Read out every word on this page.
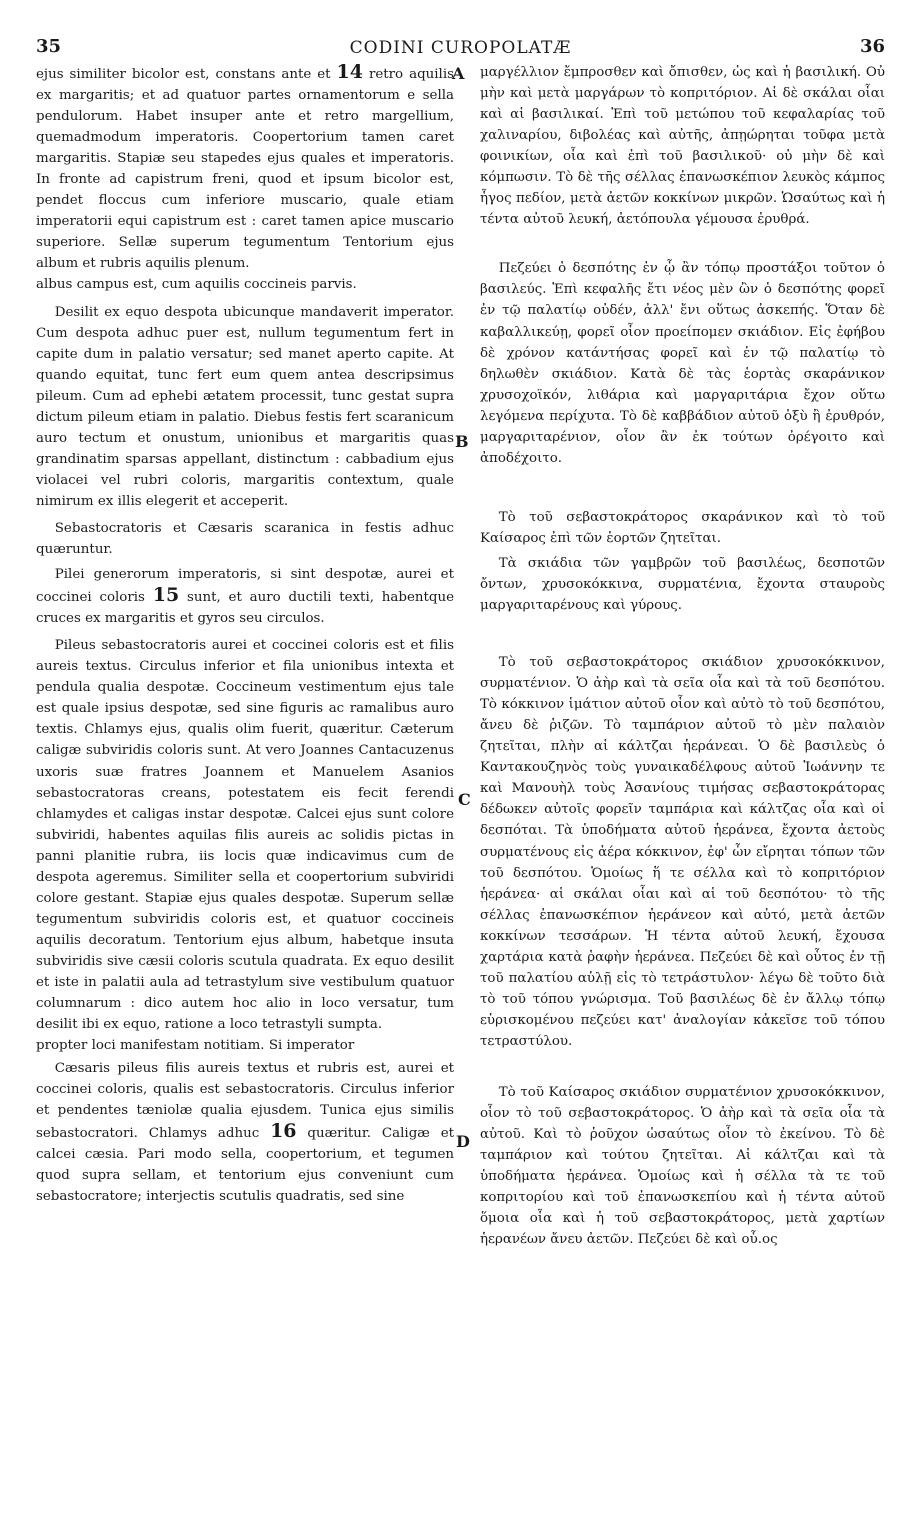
35	CODINI CUROPOLATÆ	36

ejus similiter bicolor est, constans ante et 14 retro aquilis ex margaritis; et ad quatuor partes ornamentorum e sella pendulorum. Habet insuper ante et retro margellium, quemadmodum imperatoris. Coopertorium tamen caret margaritis. Stapiæ seu stapedes ejus quales et imperatoris. In fronte ad capistrum freni, quod et ipsum bicolor est, pendet floccus cum inferiore muscario, quale etiam imperatorii equi capistrum est : caret tamen apice muscario superiore. Sellæ superum tegumentum Tentorium ejus album et rubris aquilis plenum.

albus campus est, cum aquilis coccineis parvis.

Desilit ex equo despota ubicunque mandaverit imperator. Cum despota adhuc puer est, nullum tegumentum fert in capite dum in palatio versatur; sed manet aperto capite. At quando equitat, tunc fert eum quem antea descripsimus pileum. Cum ad ephebi ætatem processit, tunc gestat supra dictum pileum etiam in palatio. Diebus festis fert scaranicum auro tectum et onustum, unionibus et margaritis quas grandinatim sparsas appellant, distinctum : cabbadium ejus violacei vel rubri coloris, margaritis contextum, quale nimirum ex illis elegerit et acceperit.

Sebastocratoris et Cæsaris scaranica in festis adhuc quæruntur.

Pilei generorum imperatoris, si sint despotæ, aurei et coccinei coloris 15 sunt, et auro ductili texti, habentque cruces ex margaritis et gyros seu circulos.

Pileus sebastocratoris aurei et coccinei coloris est et filis aureis textus. Circulus inferior et fila unionibus intexta et pendula qualia despotæ. Coccineum vestimentum ejus tale est quale ipsius despotæ, sed sine figuris ac ramalibus auro textis. Chlamys ejus, qualis olim fuerit, quæritur. Cæterum caligæ subviridis coloris sunt. At vero Joannes Cantacuzenus uxoris suæ fratres Joannem et Manuelem Asanios sebastocratoras creans, potestatem eis fecit ferendi chlamydes et caligas instar despotæ. Calcei ejus sunt colore subviridi, habentes aquilas filis aureis ac solidis pictas in panni planitie rubra, iis locis quæ indicavimus cum de despota ageremus. Similiter sella et coopertorium subviridi colore gestant. Stapiæ ejus quales despotæ. Superum sellæ tegumentum subviridis coloris est, et quatuor coccineis aquilis decoratum. Tentorium ejus album, habetque insuta subviridis sive cæsii coloris scutula quadrata. Ex equo desilit et iste in palatii aula ad tetrastylum sive vestibulum quatuor columnarum : dico autem hoc alio in loco versatur, tum desilit ibi ex equo, ratione a loco tetrastyli sumpta.

propter loci manifestam notitiam. Si imperator

Cæsaris pileus filis aureis textus et rubris est, aurei et coccinei coloris, qualis est sebastocratoris. Circulus inferior et pendentes tæniolæ qualia ejusdem. Tunica ejus similis sebastocratori. Chlamys adhuc 16 quæritur. Caligæ et calcei cæsia. Pari modo sella, coopertorium, et tegumen quod supra sellam, et tentorium ejus conveniunt cum sebastocratore; interjectis scutulis quadratis, sed sine

μαργέλλιον ἔμπροσθεν καὶ ὄπισθεν, ὡς καὶ ἡ βασιλική. Οὐ μὴν καὶ μετὰ μαργάρων τὸ κοπριτόριον. Αἱ δὲ σκάλαι οἷαι καὶ αἱ βασιλικαί. Ἐπὶ τοῦ μετώπου τοῦ κεφαλαρίας τοῦ χαλιναρίου, διβολέας καὶ αὐτῆς, ἀπῃώρηται τοῦφα μετὰ φοινικίων, οἷα καὶ ἐπὶ τοῦ βασιλικοῦ· οὐ μὴν δὲ καὶ κόμπωσιν. Τὸ δὲ τῆς σέλλας ἐπανωσκέπιον λευκὸς κάμπος ἧγος πεδίον, μετὰ ἀετῶν κοκκίνων μικρῶν. Ὡσαύτως καὶ ἡ τέντα αὐτοῦ λευκή, ἀετόπουλα γέμουσα ἐρυθρά.

Πεζεύει ὁ δεσπότης ἐν ᾧ ἂν τόπῳ προστάξοι τοῦτον ὁ βασιλεύς. Ἐπὶ κεφαλῆς ἔτι νέος μὲν ὢν ὁ δεσπότης φορεῖ ἐν τῷ παλατίῳ οὐδέν, ἀλλ' ἔνι οὕτως ἀσκεπής. Ὅταν δὲ καβαλλικεύῃ, φορεῖ οἷον προείπομεν σκιάδιον. Εἰς ἐφήβου δὲ χρόνον κατάντήσας φορεῖ καὶ ἐν τῷ παλατίῳ τὸ δηλωθὲν σκιάδιον. Κατὰ δὲ τὰς ἑορτὰς σκαράνικον χρυσοχοϊκόν, λιθάρια καὶ μαργαριτάρια ἔχον οὕτω λεγόμενα περίχυτα. Τὸ δὲ καββάδιον αὐτοῦ ὀξὺ ἢ ἐρυθρόν, μαργαριταρένιον, οἷον ἂν ἐκ τούτων ὀρέγοιτο καὶ ἀποδέχοιτο.

Τὸ τοῦ σεβαστοκράτορος σκαράνικον καὶ τὸ τοῦ Καίσαρος ἐπὶ τῶν ἑορτῶν ζητεῖται.

Τὰ σκιάδια τῶν γαμβρῶν τοῦ βασιλέως, δεσποτῶν ὄντων, χρυσοκόκκινα, συρματένια, ἔχοντα σταυροὺς μαργαριταρένους καὶ γύρους.

Τὸ τοῦ σεβαστοκράτορος σκιάδιον χρυσοκόκκινον, συρματένιον. Ὁ ἀὴρ καὶ τὰ σεῖα οἷα καὶ τὰ τοῦ δεσπότου. Τὸ κόκκινον ἱμάτιον αὐτοῦ οἷον καὶ αὐτὸ τὸ τοῦ δεσπότου, ἄνευ δὲ ῥιζῶν. Τὸ ταμπάριον αὐτοῦ τὸ μὲν παλαιὸν ζητεῖται, πλὴν αἱ κάλτζαι ἡεράνεαι. Ὁ δὲ βασιλεὺς ὁ Καντακουζηνὸς τοὺς γυναικαδέλφους αὐτοῦ Ἰωάννην τε καὶ Μανουὴλ τοὺς Ἀσανίους τιμήσας σεβαστοκράτορας δέδωκεν αὐτοῖς φορεῖν ταμπάρια καὶ κάλτζας οἷα καὶ οἱ δεσπόται. Τὰ ὑποδήματα αὐτοῦ ἡεράνεα, ἔχοντα ἀετοὺς συρματένους εἰς ἀέρα κόκκινον, ἐφ' ὧν εἴρηται τόπων τῶν τοῦ δεσπότου. Ὁμοίως ἥ τε σέλλα καὶ τὸ κοπριτόριον ἡεράνεα· αἱ σκάλαι οἷαι καὶ αἱ τοῦ δεσπότου· τὸ τῆς σέλλας ἐπανωσκέπιον ἡεράνεον καὶ αὐτό, μετὰ ἀετῶν κοκκίνων τεσσάρων. Ἡ τέντα αὐτοῦ λευκή, ἔχουσα χαρτάρια κατὰ ῥαφὴν ἡεράνεα. Πεζεύει δὲ καὶ οὗτος ἐν τῇ τοῦ παλατίου αὐλῇ εἰς τὸ τετράστυλον· λέγω δὲ τοῦτο διὰ τὸ τοῦ τόπου γνώρισμα. Τοῦ βασιλέως δὲ ἐν ἄλλῳ τόπῳ εὑρισκομένου πεζεύει κατ' ἀναλογίαν κἀκεῖσε τοῦ τόπου τετραστύλου.

Τὸ τοῦ Καίσαρος σκιάδιον συρματένιον χρυσοκόκκινον, οἷον τὸ τοῦ σεβαστοκράτορος. Ὁ ἀὴρ καὶ τὰ σεῖα οἷα τὰ αὐτοῦ. Καὶ τὸ ῥοῦχον ὡσαύτως οἷον τὸ ἐκείνου. Τὸ δὲ ταμπάριον καὶ τούτου ζητεῖται. Αἱ κάλτζαι καὶ τὰ ὑποδήματα ἡεράνεα. Ὁμοίως καὶ ἡ σέλλα τὰ τε τοῦ κοπριτορίου καὶ τοῦ ἐπανωσκεπίου καὶ ἡ τέντα αὐτοῦ ὅμοια οἷα καὶ ἡ τοῦ σεβαστοκράτορος, μετὰ χαρτίων ἡερανέων ἄνευ ἀετῶν. Πεζεύει δὲ καὶ οὗ.ος

A
B
C
D
